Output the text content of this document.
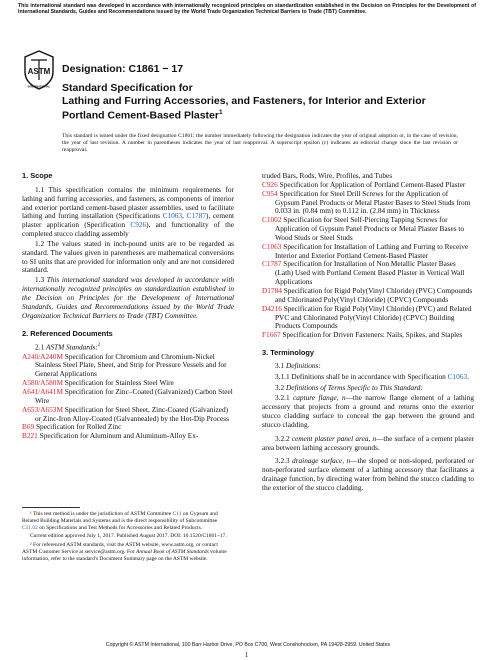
This international standard was developed in accordance with internationally recognized principles on standardization established in the Decision on Principles for the Development of International Standards, Guides and Recommendations issued by the World Trade Organization Technical Barriers to Trade (TBT) Committee.
ASTM
INTERNATIONAL
Designation: C1861 − 17
Standard Specification for
Lathing and Furring Accessories, and Fasteners, for Interior and Exterior Portland Cement-Based Plaster$^1$
This standard is issued under the fixed designation C1861; the number immediately following the designation indicates the year of original adoption or, in the case of revision, the year of last revision. A number in parentheses indicates the year of last reapproval. A superscript epsilon (ε) indicates an editorial change since the last revision or reapproval.
1. Scope

1.1 This specification contains the minimum requirements for lathing and furring accessories, and fasteners, as components of interior and exterior portland cement-based plaster assemblies, used to facilitate lathing and furring installation (Specifications C1063, C1787), cement plaster application (Specification C926), and functionality of the completed stucco cladding assembly

1.2 The values stated in inch-pound units are to be regarded as standard. The values given in parentheses are mathematical conversions to SI units that are provided for information only and are not considered standard.

1.3 This international standard was developed in accordance with internationally recognized principles on standardization established in the Decision on Principles for the Development of International Standards, Guides and Recommendations issued by the World Trade Organization Technical Barriers to Trade (TBT) Committee.

2. Referenced Documents

2.1 ASTM Standards:$^2$

A240/A240M Specification for Chromium and Chromium-Nickel Stainless Steel Plate, Sheet, and Strip for Pressure Vessels and for General Applications

A580/A580M Specification for Stainless Steel Wire

A641/A641M Specification for Zinc–Coated (Galvanized) Carbon Steel Wire

A653/A653M Specification for Steel Sheet, Zinc-Coated (Galvanized) or Zinc-Iron Alloy-Coated (Galvannealed) by the Hot-Dip Process

B69 Specification for Rolled Zinc

B221 Specification for Aluminum and Aluminum-Alloy Ex-

¹ This test method is under the jurisdiction of ASTM Committee C11 on Gypsum and Related Building Materials and Systems and is the direct responsibility of Subcommittee C11.02 on Specifications and Test Methods for Accessories and Related Products.

Current edition approved July 1, 2017. Published August 2017. DOI: 10.1520/C1861–17.

² For referenced ASTM standards, visit the ASTM website, www.astm.org, or contact ASTM Customer Service at service@astm.org. For Annual Book of ASTM Standards volume information, refer to the standard's Document Summary page on the ASTM website.

truded Bars, Rods, Wire, Profiles, and Tubes

C926 Specification for Application of Portland Cement-Based Plaster

C954 Specification for Steel Drill Screws for the Application of Gypsum Panel Products or Metal Plaster Bases to Steel Studs from 0.033 in. (0.84 mm) to 0.112 in. (2.84 mm) in Thickness

C1002 Specification for Steel Self-Piercing Tapping Screws for Application of Gypsum Panel Products or Metal Plaster Bases to Wood Studs or Steel Studs

C1063 Specification for Installation of Lathing and Furring to Receive Interior and Exterior Portland Cement-Based Plaster

C1787 Specification for Installation of Non Metallic Plaster Bases (Lath) Used with Portland Cement Based Plaster in Vertical Wall Applications

D1784 Specification for Rigid Poly(Vinyl Chloride) (PVC) Compounds and Chlorinated Poly(Vinyl Chloride) (CPVC) Compounds

D4216 Specification for Rigid Poly(Vinyl Chloride) (PVC) and Related PVC and Chlorinated Poly(Vinyl Chloride) (CPVC) Building Products Compounds

F1667 Specification for Driven Fasteners: Nails, Spikes, and Staples

3. Terminology

3.1 Definitions:

3.1.1 Definitions shall be in accordance with Specification C1063.

3.2 Definitions of Terms Specific to This Standard:

3.2.1 capture flange, n—the narrow flange element of a lathing accessory that projects from a ground and returns onto the exterior stucco cladding surface to conceal the gap between the ground and stucco cladding.

3.2.2 cement plaster panel area, n—the surface of a cement plaster area between lathing accessory grounds.

3.2.3 drainage surface, n—the sloped or non-sloped, perforated or non-perforated surface element of a lathing accessory that facilitates a drainage function, by directing water from behind the stucco cladding to the exterior of the stucco cladding.

Copyright © ASTM International, 100 Barr Harbor Drive, PO Box C700, West Conshohocken, PA 19428-2959. United States
1
